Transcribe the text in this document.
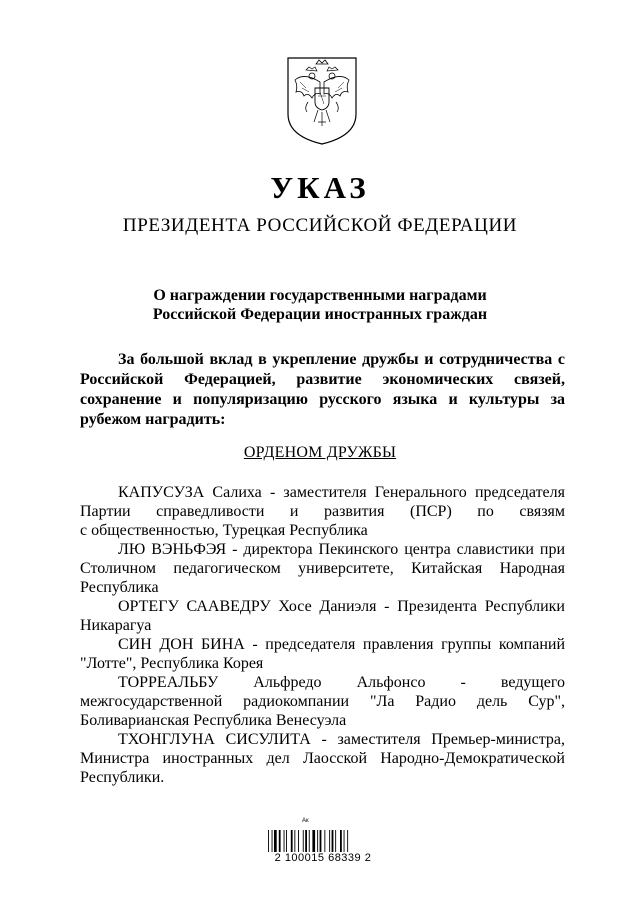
УКАЗ
ПРЕЗИДЕНТА РОССИЙСКОЙ ФЕДЕРАЦИИ
О награждении государственными наградами
Российской Федерации иностранных граждан
За большой вклад в укрепление дружбы и сотрудничества с
Российской Федерацией, развитие экономических связей,
сохранение и популяризацию русского языка и культуры за
рубежом наградить:
ОРДЕНОМ ДРУЖБЫ
КАПУСУЗА Салиха - заместителя Генерального председателя
Партии справедливости и развития (ПСР) по связям
с общественностью, Турецкая Республика
ЛЮ ВЭНЬФЭЯ - директора Пекинского центра славистики при
Столичном педагогическом университете, Китайская Народная
Республика
ОРТЕГУ СААВЕДРУ Хосе Даниэля - Президента Республики
Никарагуа
СИН ДОН БИНА - председателя правления группы компаний
"Лотте", Республика Корея
ТОРРЕАЛЬБУ Альфредо Альфонсо - ведущего
межгосударственной радиокомпании "Ла Радио дель Сур",
Боливарианская Республика Венесуэла
ТХОНГЛУНА СИСУЛИТА - заместителя Премьер-министра,
Министра иностранных дел Лаосской Народно-Демократической
Республики.
Ак
2 100015 68339 2
